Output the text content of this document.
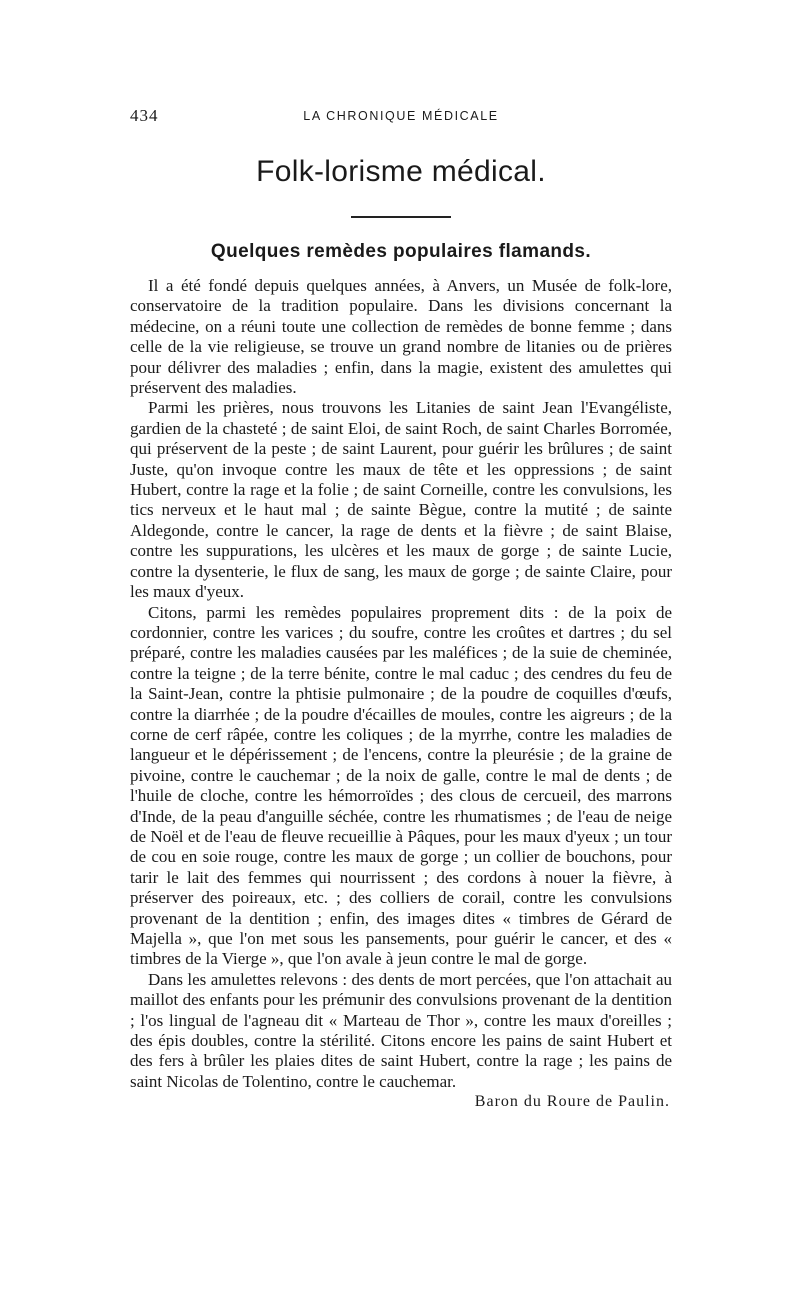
434	LA CHRONIQUE MÉDICALE
Folk-lorisme médical.
Quelques remèdes populaires flamands.

Il a été fondé depuis quelques années, à Anvers, un Musée de folk-lore, conservatoire de la tradition populaire. Dans les divisions concernant la médecine, on a réuni toute une collection de remèdes de bonne femme ; dans celle de la vie religieuse, se trouve un grand nombre de litanies ou de prières pour délivrer des maladies ; enfin, dans la magie, existent des amulettes qui préservent des maladies.

Parmi les prières, nous trouvons les Litanies de saint Jean l'Evangéliste, gardien de la chasteté ; de saint Eloi, de saint Roch, de saint Charles Borromée, qui préservent de la peste ; de saint Laurent, pour guérir les brûlures ; de saint Juste, qu'on invoque contre les maux de tête et les oppressions ; de saint Hubert, contre la rage et la folie ; de saint Corneille, contre les convulsions, les tics nerveux et le haut mal ; de sainte Bègue, contre la mutité ; de sainte Aldegonde, contre le cancer, la rage de dents et la fièvre ; de saint Blaise, contre les suppurations, les ulcères et les maux de gorge ; de sainte Lucie, contre la dysenterie, le flux de sang, les maux de gorge ; de sainte Claire, pour les maux d'yeux.

Citons, parmi les remèdes populaires proprement dits : de la poix de cordonnier, contre les varices ; du soufre, contre les croûtes et dartres ; du sel préparé, contre les maladies causées par les maléfices ; de la suie de cheminée, contre la teigne ; de la terre bénite, contre le mal caduc ; des cendres du feu de la Saint-Jean, contre la phtisie pulmonaire ; de la poudre de coquilles d'œufs, contre la diarrhée ; de la poudre d'écailles de moules, contre les aigreurs ; de la corne de cerf râpée, contre les coliques ; de la myrrhe, contre les maladies de langueur et le dépérissement ; de l'encens, contre la pleurésie ; de la graine de pivoine, contre le cauchemar ; de la noix de galle, contre le mal de dents ; de l'huile de cloche, contre les hémorroïdes ; des clous de cercueil, des marrons d'Inde, de la peau d'anguille séchée, contre les rhumatismes ; de l'eau de neige de Noël et de l'eau de fleuve recueillie à Pâques, pour les maux d'yeux ; un tour de cou en soie rouge, contre les maux de gorge ; un collier de bouchons, pour tarir le lait des femmes qui nourrissent ; des cordons à nouer la fièvre, à préserver des poireaux, etc. ; des colliers de corail, contre les convulsions provenant de la dentition ; enfin, des images dites « timbres de Gérard de Majella », que l'on met sous les pansements, pour guérir le cancer, et des « timbres de la Vierge », que l'on avale à jeun contre le mal de gorge.

Dans les amulettes relevons : des dents de mort percées, que l'on attachait au maillot des enfants pour les prémunir des convulsions provenant de la dentition ; l'os lingual de l'agneau dit « Marteau de Thor », contre les maux d'oreilles ; des épis doubles, contre la stérilité. Citons encore les pains de saint Hubert et des fers à brûler les plaies dites de saint Hubert, contre la rage ; les pains de saint Nicolas de Tolentino, contre le cauchemar.

Baron du Roure de Paulin.
